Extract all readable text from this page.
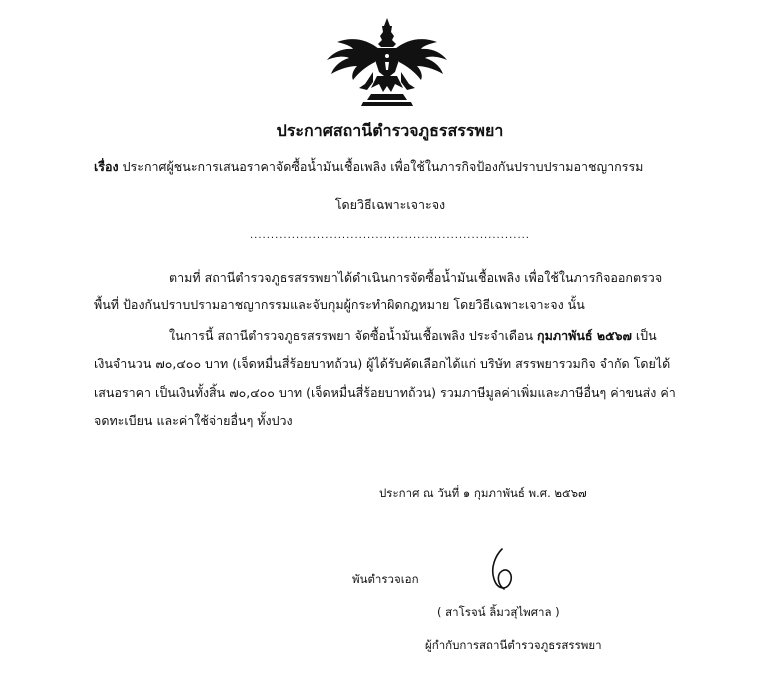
ประกาศสถานีตำรวจภูธรสรรพยา
เรื่อง ประกาศผู้ชนะการเสนอราคาจัดซื้อน้ำมันเชื้อเพลิง เพื่อใช้ในภารกิจป้องกันปราบปรามอาชญากรรม
โดยวิธีเฉพาะเจาะจง
...................................................................
ตามที่ สถานีตำรวจภูธรสรรพยาได้ดำเนินการจัดซื้อน้ำมันเชื้อเพลิง เพื่อใช้ในภารกิจออกตรวจ
พื้นที่ ป้องกันปราบปรามอาชญากรรมและจับกุมผู้กระทำผิดกฎหมาย โดยวิธีเฉพาะเจาะจง นั้น
ในการนี้ สถานีตำรวจภูธรสรรพยา จัดซื้อน้ำมันเชื้อเพลิง ประจำเดือน กุมภาพันธ์ ๒๕๖๗ เป็น
เงินจำนวน ๗๐,๔๐๐ บาท (เจ็ดหมื่นสี่ร้อยบาทถ้วน) ผู้ได้รับคัดเลือกได้แก่ บริษัท สรรพยารวมกิจ จำกัด โดยได้
เสนอราคา เป็นเงินทั้งสิ้น ๗๐,๔๐๐ บาท (เจ็ดหมื่นสี่ร้อยบาทถ้วน) รวมภาษีมูลค่าเพิ่มและภาษีอื่นๆ ค่าขนส่ง ค่า
จดทะเบียน และค่าใช้จ่ายอื่นๆ ทั้งปวง
ประกาศ ณ วันที่ ๑ กุมภาพันธ์ พ.ศ. ๒๕๖๗
พันตำรวจเอก
( สาโรจน์ ลิ้มวสุไพศาล )
ผู้กำกับการสถานีตำรวจภูธรสรรพยา
